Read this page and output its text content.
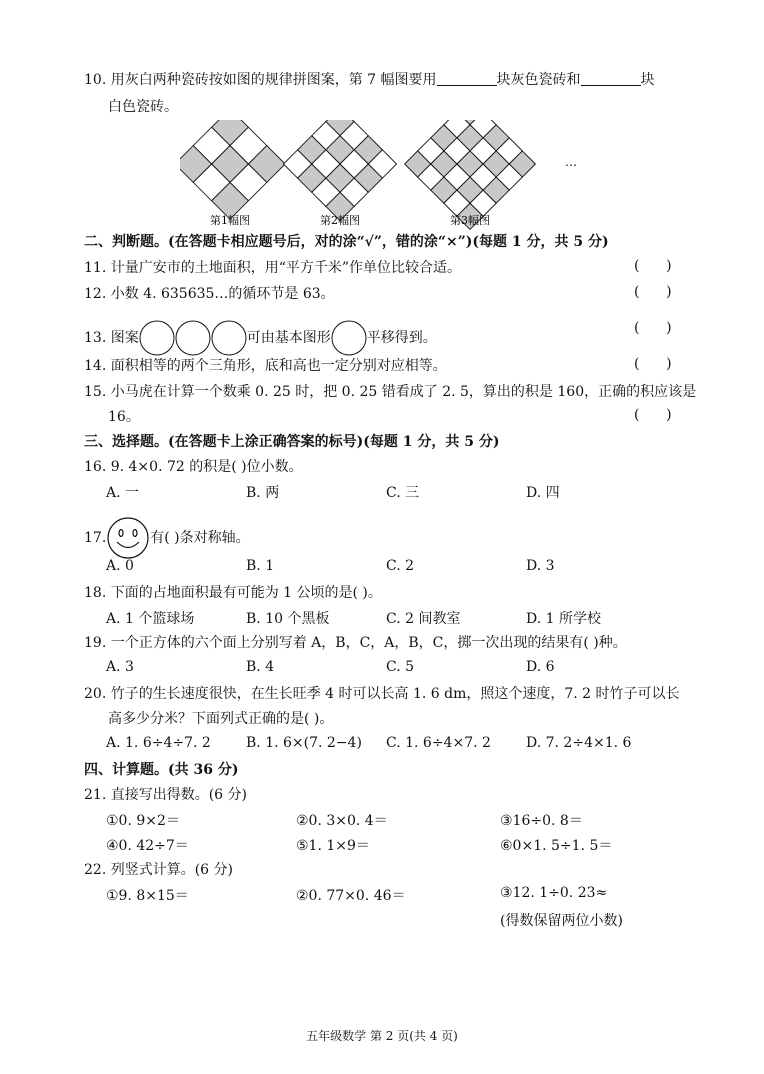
10. 用灰白两种瓷砖按如图的规律拼图案，第 7 幅图要用	块灰色瓷砖和	块
白色瓷砖。
第1幅图	第2幅图	第3幅图
…
二、判断题。(在答题卡相应题号后，对的涂“√”，错的涂“×”)(每题 1 分，共 5 分)
11. 计量广安市的土地面积，用“平方千米”作单位比较合适。	(      )
12. 小数 4. 635635…的循环节是 63。	(      )
13. 图案	可由基本图形	平移得到。
(      )
14. 面积相等的两个三角形，底和高也一定分别对应相等。	(      )
15. 小马虎在计算一个数乘 0. 25 时，把 0. 25 错看成了 2. 5，算出的积是 160，正确的积应该是
16。	(      )
三、选择题。(在答题卡上涂正确答案的标号)(每题 1 分，共 5 分)
16. 9. 4×0. 72 的积是( )位小数。
A. 一	B. 两	C. 三	D. 四
17.	有( )条对称轴。
A. 0	B. 1	C. 2	D. 3
18. 下面的占地面积最有可能为 1 公顷的是( )。
A. 1 个篮球场	B. 10 个黑板	C. 2 间教室	D. 1 所学校
19. 一个正方体的六个面上分别写着 A，B，C，A，B，C，掷一次出现的结果有( )种。
A. 3	B. 4	C. 5	D. 6
20. 竹子的生长速度很快，在生长旺季 4 时可以长高 1. 6 dm，照这个速度，7. 2 时竹子可以长
高多少分米？下面列式正确的是( )。
A. 1. 6÷4÷7. 2	B. 1. 6×(7. 2−4) C. 1. 6÷4×7. 2	D. 7. 2÷4×1. 6
四、计算题。(共 36 分)
21. 直接写出得数。(6 分)
①0. 9×2＝	②0. 3×0. 4＝	③16÷0. 8＝
④0. 42÷7＝	⑤1. 1×9＝	⑥0×1. 5÷1. 5＝
22. 列竖式计算。(6 分)
①9. 8×15＝	②0. 77×0. 46＝	③12. 1÷0. 23≈
(得数保留两位小数)
五年级数学 第 2 页(共 4 页)
